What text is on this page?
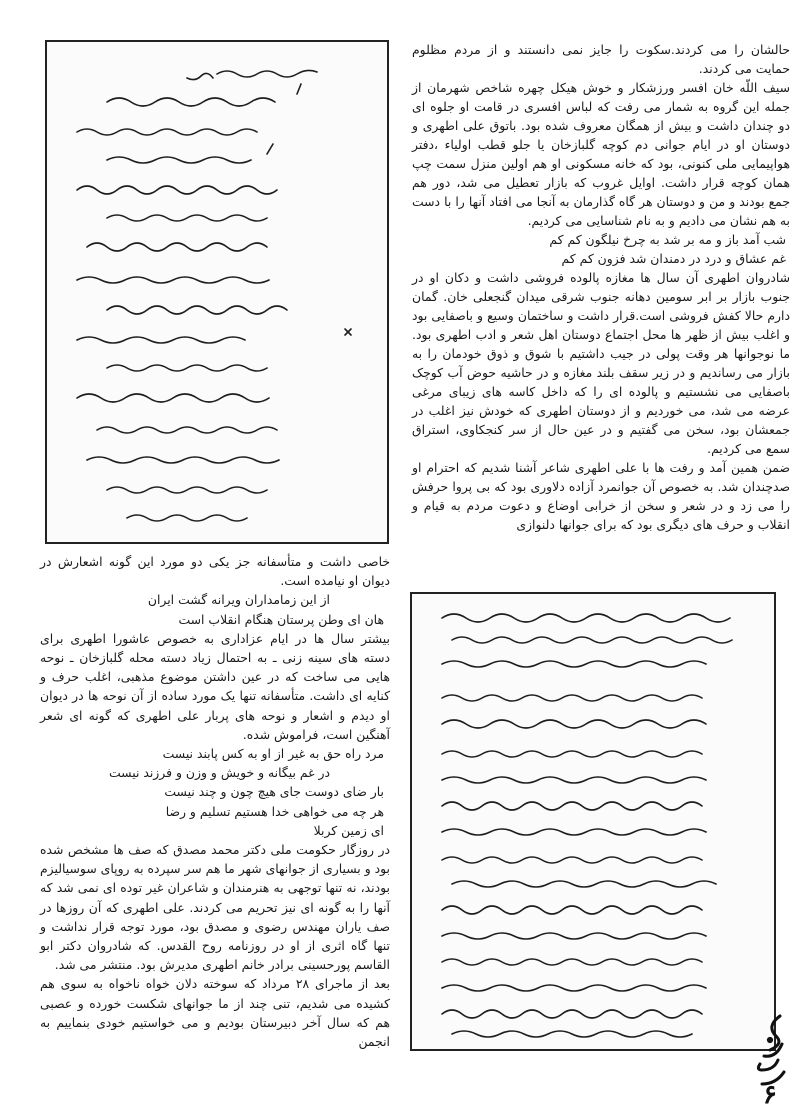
حالشان را می کردند.سکوت را جایز نمی دانستند و از مردم مظلوم حمایت می کردند.

سیف اللّه خان افسر ورزشکار و خوش هیکل چهره شاخص شهرمان از جمله این گروه به شمار می رفت که لباس افسری در قامت او جلوه ای دو چندان داشت و بیش از همگان معروف شده بود. باتوق علی اطهری و دوستان او در ایام جوانی دم کوچه گلبازخان یا جلو قطب اولیاء ،دفتر هواپیمایی ملی کنونی، بود که خانه مسکونی او هم اولین منزل سمت چپ همان کوچه قرار داشت. اوایل غروب که بازار تعطیل می شد، دور هم جمع بودند و من و دوستان هر گاه گذارمان به آنجا می افتاد آنها را با دست به هم نشان می دادیم و به نام شناسایی می کردیم.

شب آمد باز و مه بر شد به چرخ نیلگون کم کم

غم عشاق و درد در دمندان شد فزون کم کم

شادروان اطهری آن سال ها مغازه پالوده فروشی داشت و دکان او در جنوب بازار بر ابر سومین دهانه جنوب شرقی میدان گنجعلی خان. گمان دارم حالا کفش فروشی است.قرار داشت و ساختمان وسیع و باصفایی بود و اغلب بیش از ظهر ها محل اجتماع دوستان اهل شعر و ادب اطهری بود. ما نوجوانها هر وقت پولی در جیب داشتیم با شوق و ذوق خودمان را به بازار می رساندیم و در زیر سقف بلند مغازه و در حاشیه حوض آب کوچک باصفایی می نشستیم و پالوده ای را که داخل کاسه های زیبای مرغی عرضه می شد، می خوردیم و از دوستان اطهری که خودش نیز اغلب در جمعشان بود، سخن می گفتیم و در عین حال از سر کنجکاوی، استراق سمع می کردیم.

ضمن همین آمد و رفت ها با علی اطهری شاعر آشنا شدیم که احترام او صدچندان شد. به خصوص آن جوانمرد آزاده دلاوری بود که بی پروا حرفش را می زد و در شعر و سخن از خرابی اوضاع و دعوت مردم به قیام و انقلاب و حرف های دیگری بود که برای جوانها دلنوازی

خاصی داشت و متأسفانه جز یکی دو مورد این گونه اشعارش در دیوان او نیامده است.

از این زمامداران ویرانه گشت ایران

هان ای وطن پرستان هنگام انقلاب است

بیشتر سال ها در ایام عزاداری به خصوص عاشورا اطهری برای دسته های سینه زنی ـ به احتمال زیاد دسته محله گلبازخان ـ نوحه هایی می ساخت که در عین داشتن موضوع مذهبی، اغلب حرف و کنایه ای داشت. متأسفانه تنها یک مورد ساده از آن نوحه ها در دیوان او دیدم و اشعار و نوحه های پربار علی اطهری که گونه ای شعر آهنگین است، فراموش شده.

مرد راه حق به غیر از او به کس پابند نیست

در غم بیگانه و خویش و وزن و فرزند نیست

بار ضای دوست جای هیچ چون و چند نیست

هر چه می خواهی خدا هستیم تسلیم و رضا

ای زمین کربلا

در روزگار حکومت ملی دکتر محمد مصدق که صف ها مشخص شده بود و بسیاری از جوانهای شهر ما هم سر سپرده به روپای سوسیالیزم بودند، نه تنها توجهی به هنرمندان و شاعران غیر توده ای نمی شد که آنها را به گونه ای نیز تحریم می کردند. علی اطهری که آن روزها در صف یاران مهندس رضوی و مصدق بود، مورد توجه قرار نداشت و تنها گاه اثری از او در روزنامه روح القدس. که شادروان دکتر ابو القاسم پورحسینی برادر خانم اطهری مدیرش بود. منتشر می شد.

بعد از ماجرای ۲۸ مرداد که سوخته دلان خواه ناخواه به سوی هم کشیده می شدیم، تنی چند از ما جوانهای شکست خورده و عصبی هم که سال آخر دبیرستان بودیم و می خواستیم خودی بنماییم به انجمن

۶
